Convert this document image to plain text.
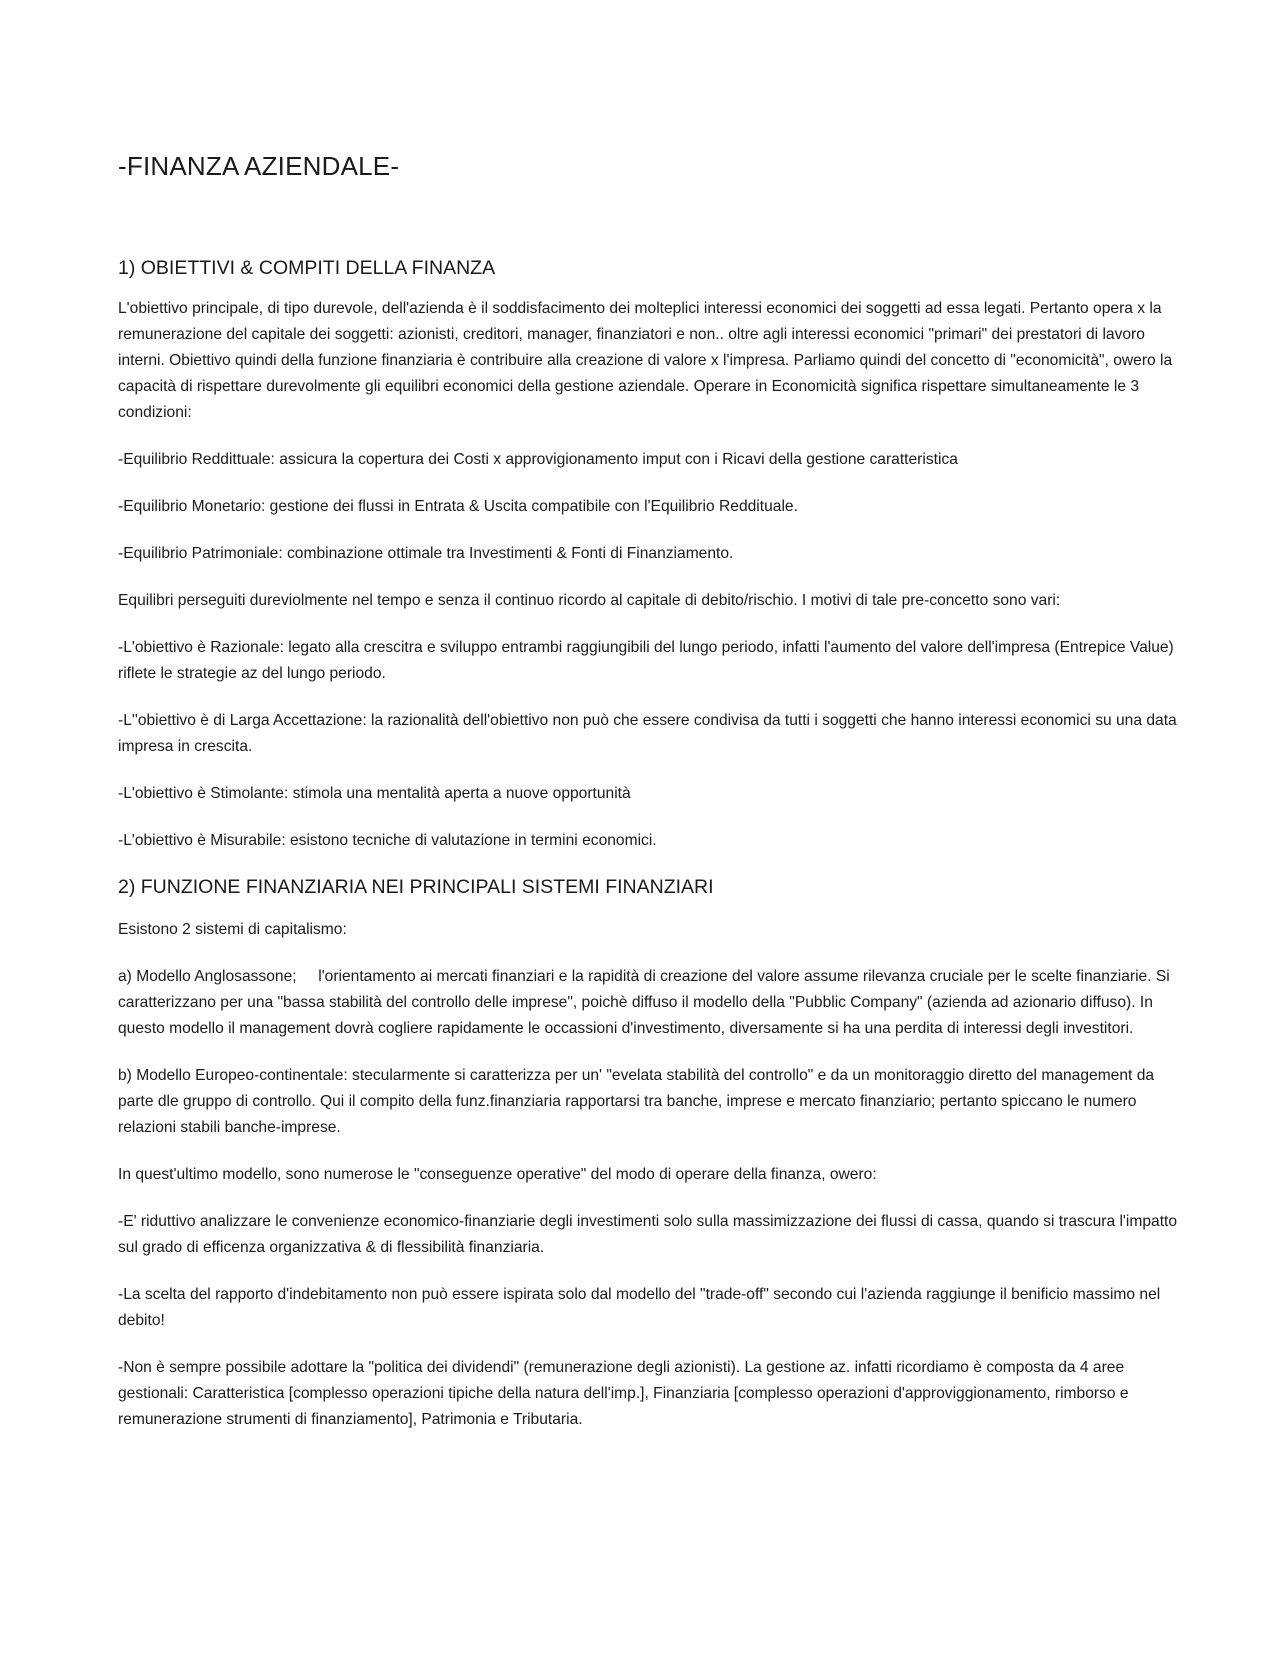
-FINANZA AZIENDALE-
1) OBIETTIVI & COMPITI DELLA FINANZA

L'obiettivo principale, di tipo durevole, dell'azienda è il soddisfacimento dei molteplici interessi economici dei soggetti ad essa legati. Pertanto opera x la remunerazione del capitale dei soggetti: azionisti, creditori, manager, finanziatori e non.. oltre agli interessi economici "primari" dei prestatori di lavoro interni. Obiettivo quindi della funzione finanziaria è contribuire alla creazione di valore x l'impresa. Parliamo quindi del concetto di "economicità", owero la capacità di rispettare durevolmente gli equilibri economici della gestione aziendale. Operare in Economicità significa rispettare simultaneamente le 3 condizioni:

-Equilibrio Reddittuale: assicura la copertura dei Costi x approvigionamento imput con i Ricavi della gestione caratteristica

-Equilibrio Monetario: gestione dei flussi in Entrata & Uscita compatibile con l'Equilibrio Reddituale.

-Equilibrio Patrimoniale: combinazione ottimale tra Investimenti & Fonti di Finanziamento.

Equilibri perseguiti dureviolmente nel tempo e senza il continuo ricordo al capitale di debito/rischio. I motivi di tale pre-concetto sono vari:

-L'obiettivo è Razionale: legato alla crescitra e sviluppo entrambi raggiungibili del lungo periodo, infatti l'aumento del valore dell'impresa (Entrepice Value) riflete le strategie az del lungo periodo.

-L''obiettivo è di Larga Accettazione: la razionalità dell'obiettivo non può che essere condivisa da tutti i soggetti che hanno interessi economici su una data impresa in crescita.

-L'obiettivo è Stimolante: stimola una mentalità aperta a nuove opportunità

-L'obiettivo è Misurabile: esistono tecniche di valutazione in termini economici.

2) FUNZIONE FINANZIARIA NEI PRINCIPALI SISTEMI FINANZIARI

Esistono 2 sistemi di capitalismo:

a) Modello Anglosassone;     l'orientamento ai mercati finanziari e la rapidità di creazione del valore assume rilevanza cruciale per le scelte finanziarie. Si caratterizzano per una "bassa stabilità del controllo delle imprese", poichè diffuso il modello della "Pubblic Company" (azienda ad azionario diffuso). In questo modello il management dovrà cogliere rapidamente le occassioni d'investimento, diversamente si ha una perdita di interessi degli investitori.

b) Modello Europeo-continentale: stecularmente si caratterizza per un' "evelata stabilità del controllo" e da un monitoraggio diretto del management da parte dle gruppo di controllo. Qui il compito della funz.finanziaria rapportarsi tra banche, imprese e mercato finanziario; pertanto spiccano le numero relazioni stabili banche-imprese.

In quest'ultimo modello, sono numerose le "conseguenze operative" del modo di operare della finanza, owero:

-E' riduttivo analizzare le convenienze economico-finanziarie degli investimenti solo sulla massimizzazione dei flussi di cassa, quando si trascura l'impatto sul grado di efficenza organizzativa & di flessibilità finanziaria.

-La scelta del rapporto d'indebitamento non può essere ispirata solo dal modello del "trade-off" secondo cui l'azienda raggiunge il benificio massimo nel debito!

-Non è sempre possibile adottare la "politica dei dividendi" (remunerazione degli azionisti). La gestione az. infatti ricordiamo è composta da 4 aree gestionali: Caratteristica [complesso operazioni tipiche della natura dell'imp.], Finanziaria [complesso operazioni d'approviggionamento, rimborso e remunerazione strumenti di finanziamento], Patrimonia e Tributaria.
